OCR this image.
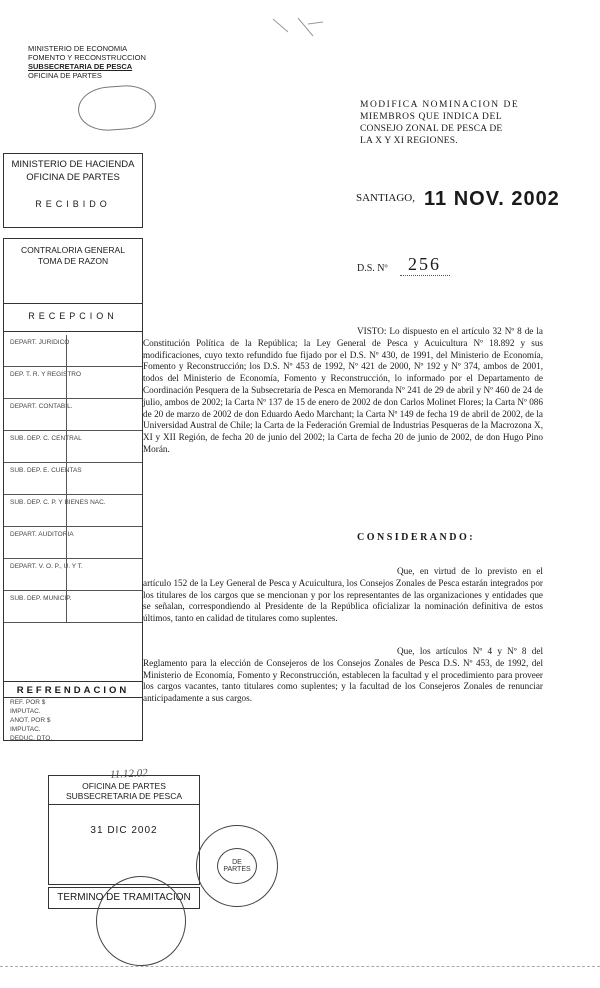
MINISTERIO DE ECONOMIA
FOMENTO Y RECONSTRUCCION
SUBSECRETARIA DE PESCA
OFICINA DE PARTES
MODIFICA NOMINACION DE
MIEMBROS QUE INDICA DEL
CONSEJO ZONAL DE PESCA DE
LA X Y XI REGIONES.
SANTIAGO, 11 NOV. 2002
D.S. Nº 256
MINISTERIO DE HACIENDA
OFICINA DE PARTES
RECIBIDO
CONTRALORIA GENERAL
TOMA DE RAZON
RECEPCION
DEPART. JURIDICO
DEP. T. R. Y REGISTRO
DEPART. CONTABIL.
SUB. DEP. C. CENTRAL
SUB. DEP. E. CUENTAS
SUB. DEP. C. P. Y BIENES NAC.
DEPART. AUDITORIA
DEPART. V. O. P., U. Y T.
SUB. DEP. MUNICIP.
REFRENDACION
REF. POR $
IMPUTAC.
ANOT. POR $
IMPUTAC.
DEDUC. DTO.
VISTO: Lo dispuesto en el artículo 32 Nº 8 de la Constitución Política de la República; la Ley General de Pesca y Acuicultura Nº 18.892 y sus modificaciones, cuyo texto refundido fue fijado por el D.S. Nº 430, de 1991, del Ministerio de Economía, Fomento y Reconstrucción; los D.S. Nº 453 de 1992, Nº 421 de 2000, Nº 192 y Nº 374, ambos de 2001, todos del Ministerio de Economía, Fomento y Reconstrucción, lo informado por el Departamento de Coordinación Pesquera de la Subsecretaría de Pesca en Memoranda Nº 241 de 29 de abril y Nº 460 de 24 de julio, ambos de 2002; la Carta Nº 137 de 15 de enero de 2002 de don Carlos Molinet Flores; la Carta Nº 086 de 20 de marzo de 2002 de don Eduardo Aedo Marchant; la Carta Nº 149 de fecha 19 de abril de 2002, de la Universidad Austral de Chile; la Carta de la Federación Gremial de Industrias Pesqueras de la Macrozona X, XI y XII Región, de fecha 20 de junio del 2002; la Carta de fecha 20 de junio de 2002, de don Hugo Pino Morán.
CONSIDERANDO:
Que, en virtud de lo previsto en el artículo 152 de la Ley General de Pesca y Acuicultura, los Consejos Zonales de Pesca estarán integrados por los titulares de los cargos que se mencionan y por los representantes de las organizaciones y entidades que se señalan, correspondiendo al Presidente de la República oficializar la nominación definitiva de estos últimos, tanto en calidad de titulares como suplentes.
Que, los artículos Nº 4 y Nº 8 del Reglamento para la elección de Consejeros de los Consejos Zonales de Pesca D.S. Nº 453, de 1992, del Ministerio de Economía, Fomento y Reconstrucción, establecen la facultad y el procedimiento para proveer los cargos vacantes, tanto titulares como suplentes; y la facultad de los Consejeros Zonales de renunciar anticipadamente a sus cargos.
11.12.02
OFICINA DE PARTES
SUBSECRETARIA DE PESCA
31 DIC 2002
TERMINO DE TRAMITACION
DE PARTES
